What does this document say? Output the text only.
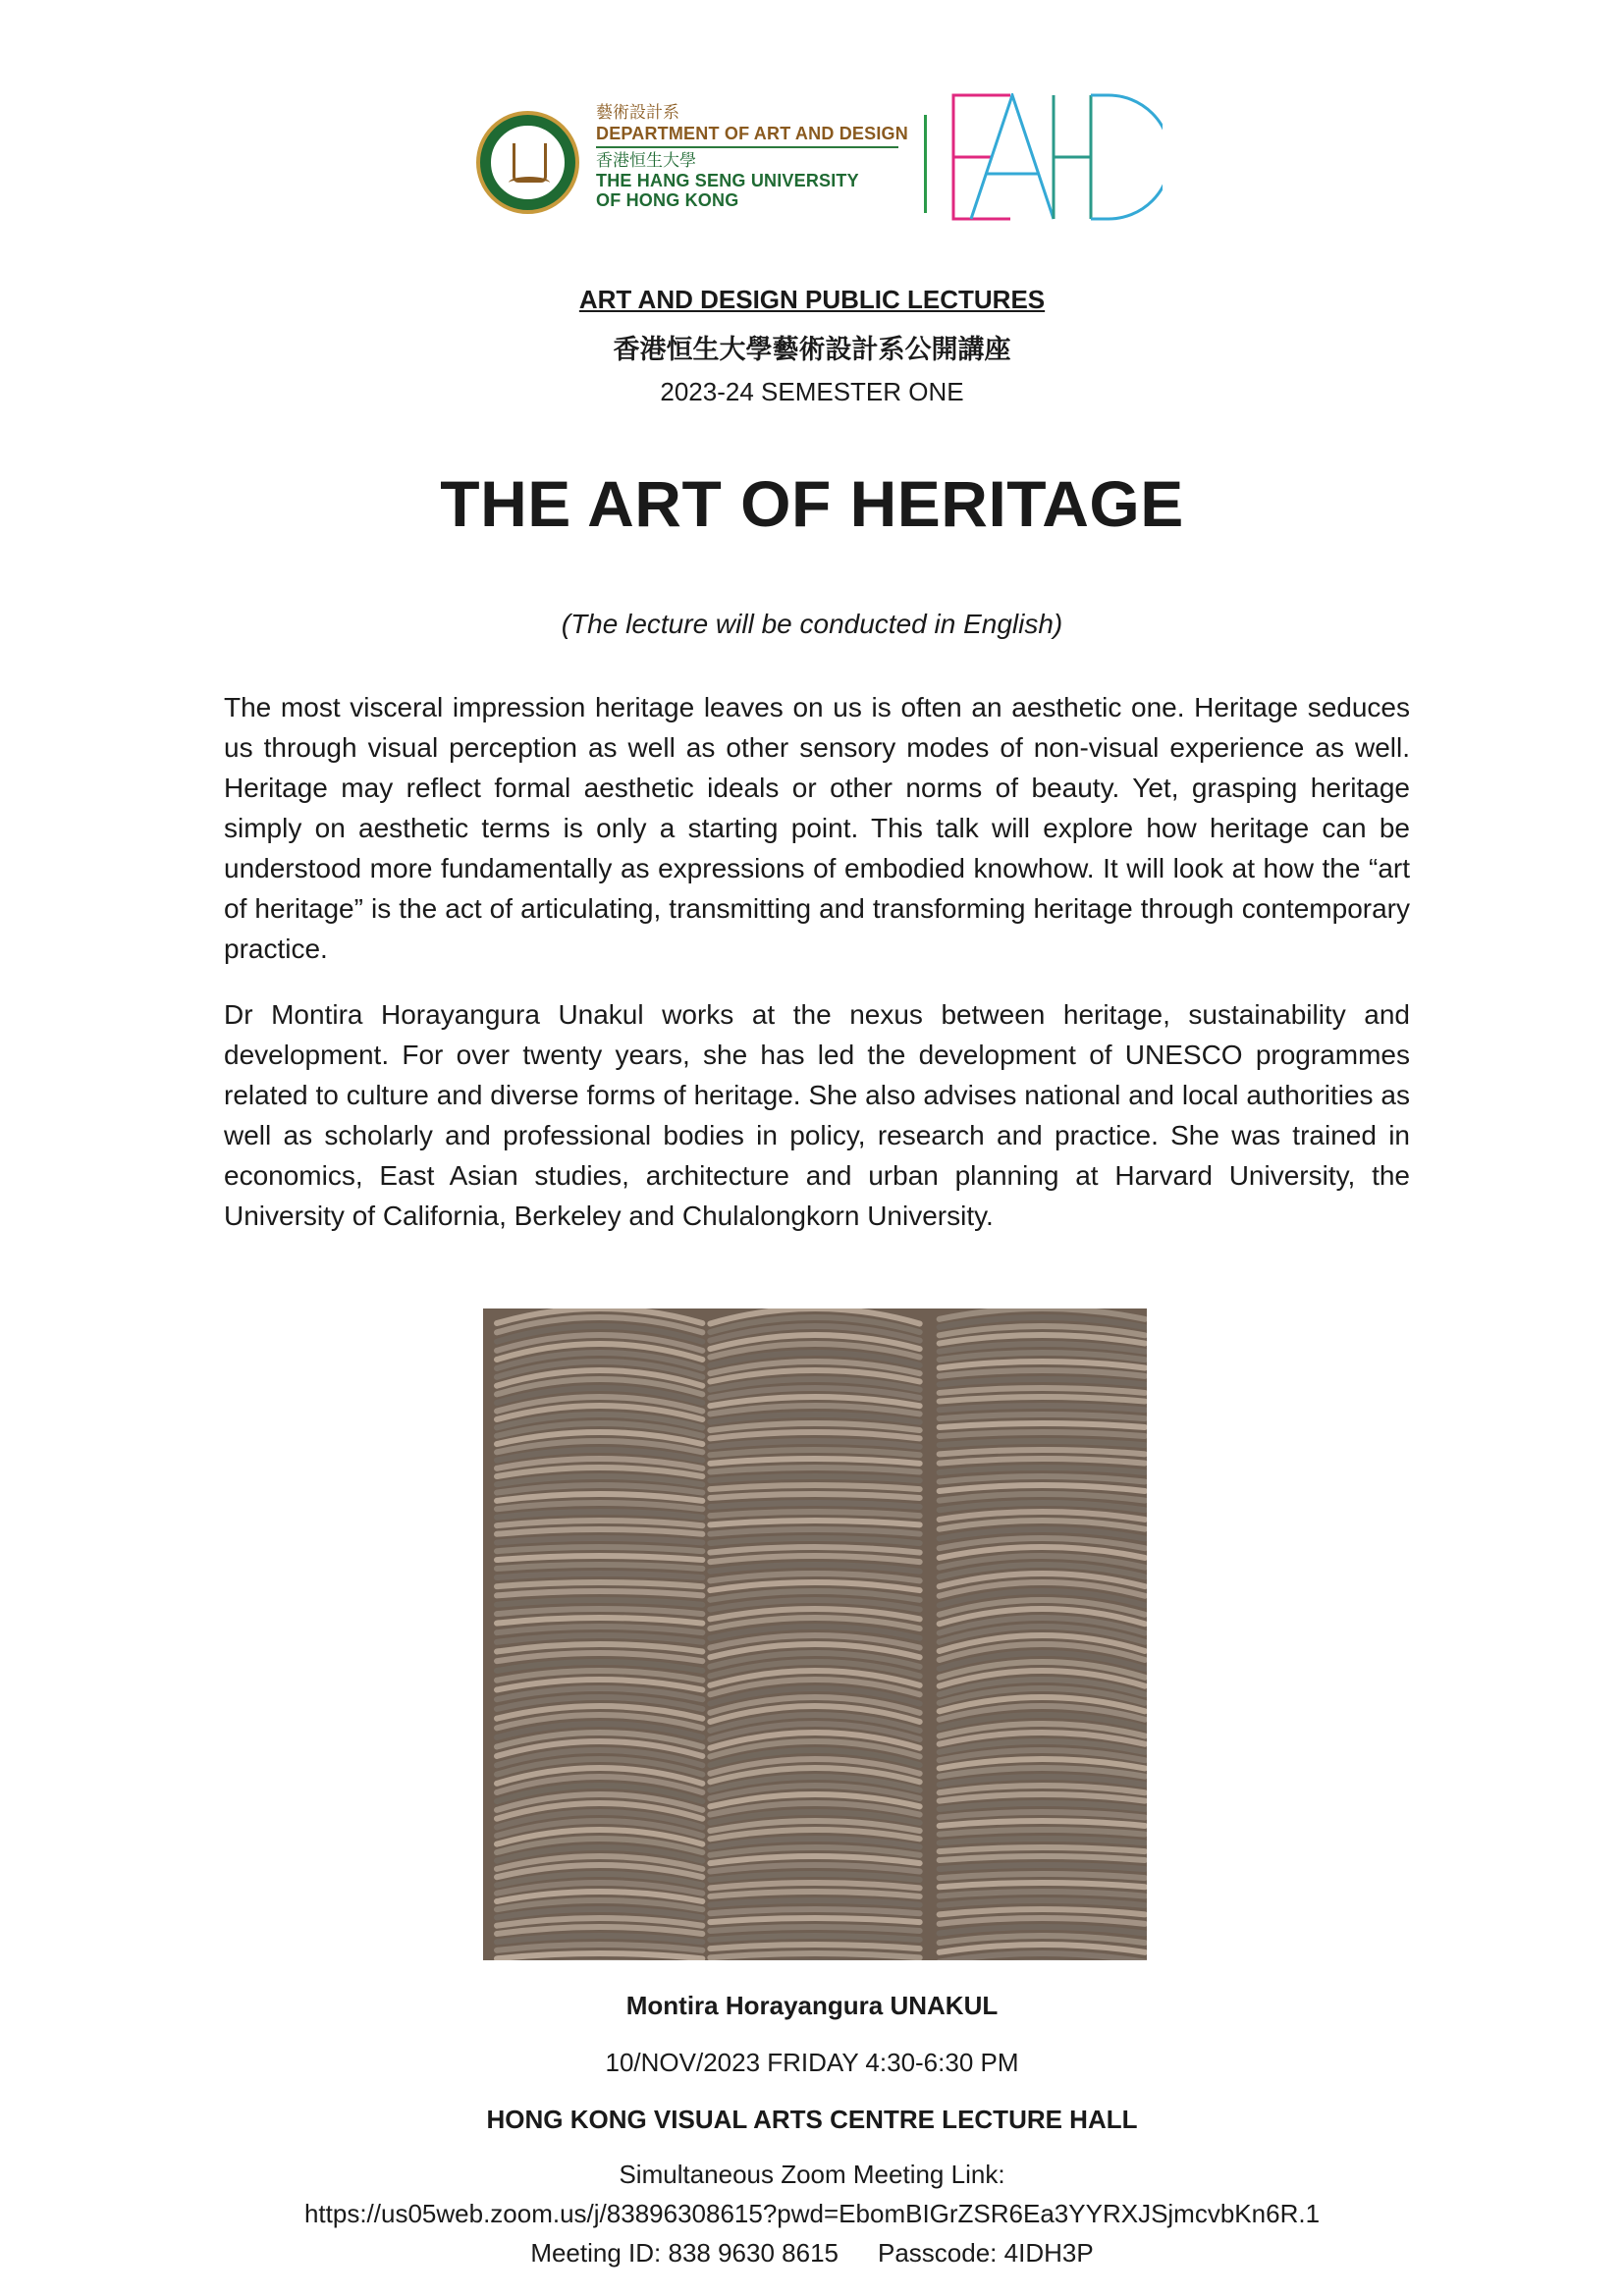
藝術設計系
DEPARTMENT OF ART AND DESIGN
香港恒生大學
THE HANG SENG UNIVERSITY
OF HONG KONG
ART AND DESIGN PUBLIC LECTURES
香港恒生大學藝術設計系公開講座
2023-24 SEMESTER ONE
THE ART OF HERITAGE
(The lecture will be conducted in English)

The most visceral impression heritage leaves on us is often an aesthetic one. Heritage seduces us through visual perception as well as other sensory modes of non-visual experience as well. Heritage may reflect formal aesthetic ideals or other norms of beauty. Yet, grasping heritage simply on aesthetic terms is only a starting point. This talk will explore how heritage can be understood more fundamentally as expressions of embodied knowhow. It will look at how the “art of heritage” is the act of articulating, transmitting and transforming heritage through contemporary practice.

Dr Montira Horayangura Unakul works at the nexus between heritage, sustainability and development. For over twenty years, she has led the development of UNESCO programmes related to culture and diverse forms of heritage. She also advises national and local authorities as well as scholarly and professional bodies in policy, research and practice. She was trained in economics, East Asian studies, architecture and urban planning at Harvard University, the University of California, Berkeley and Chulalongkorn University.

Montira Horayangura UNAKUL
10/NOV/2023 FRIDAY 4:30-6:30 PM
HONG KONG VISUAL ARTS CENTRE LECTURE HALL
Simultaneous Zoom Meeting Link:
https://us05web.zoom.us/j/83896308615?pwd=EbomBIGrZSR6Ea3YYRXJSjmcvbKn6R.1
Meeting ID: 838 9630 8615 Passcode: 4IDH3P
